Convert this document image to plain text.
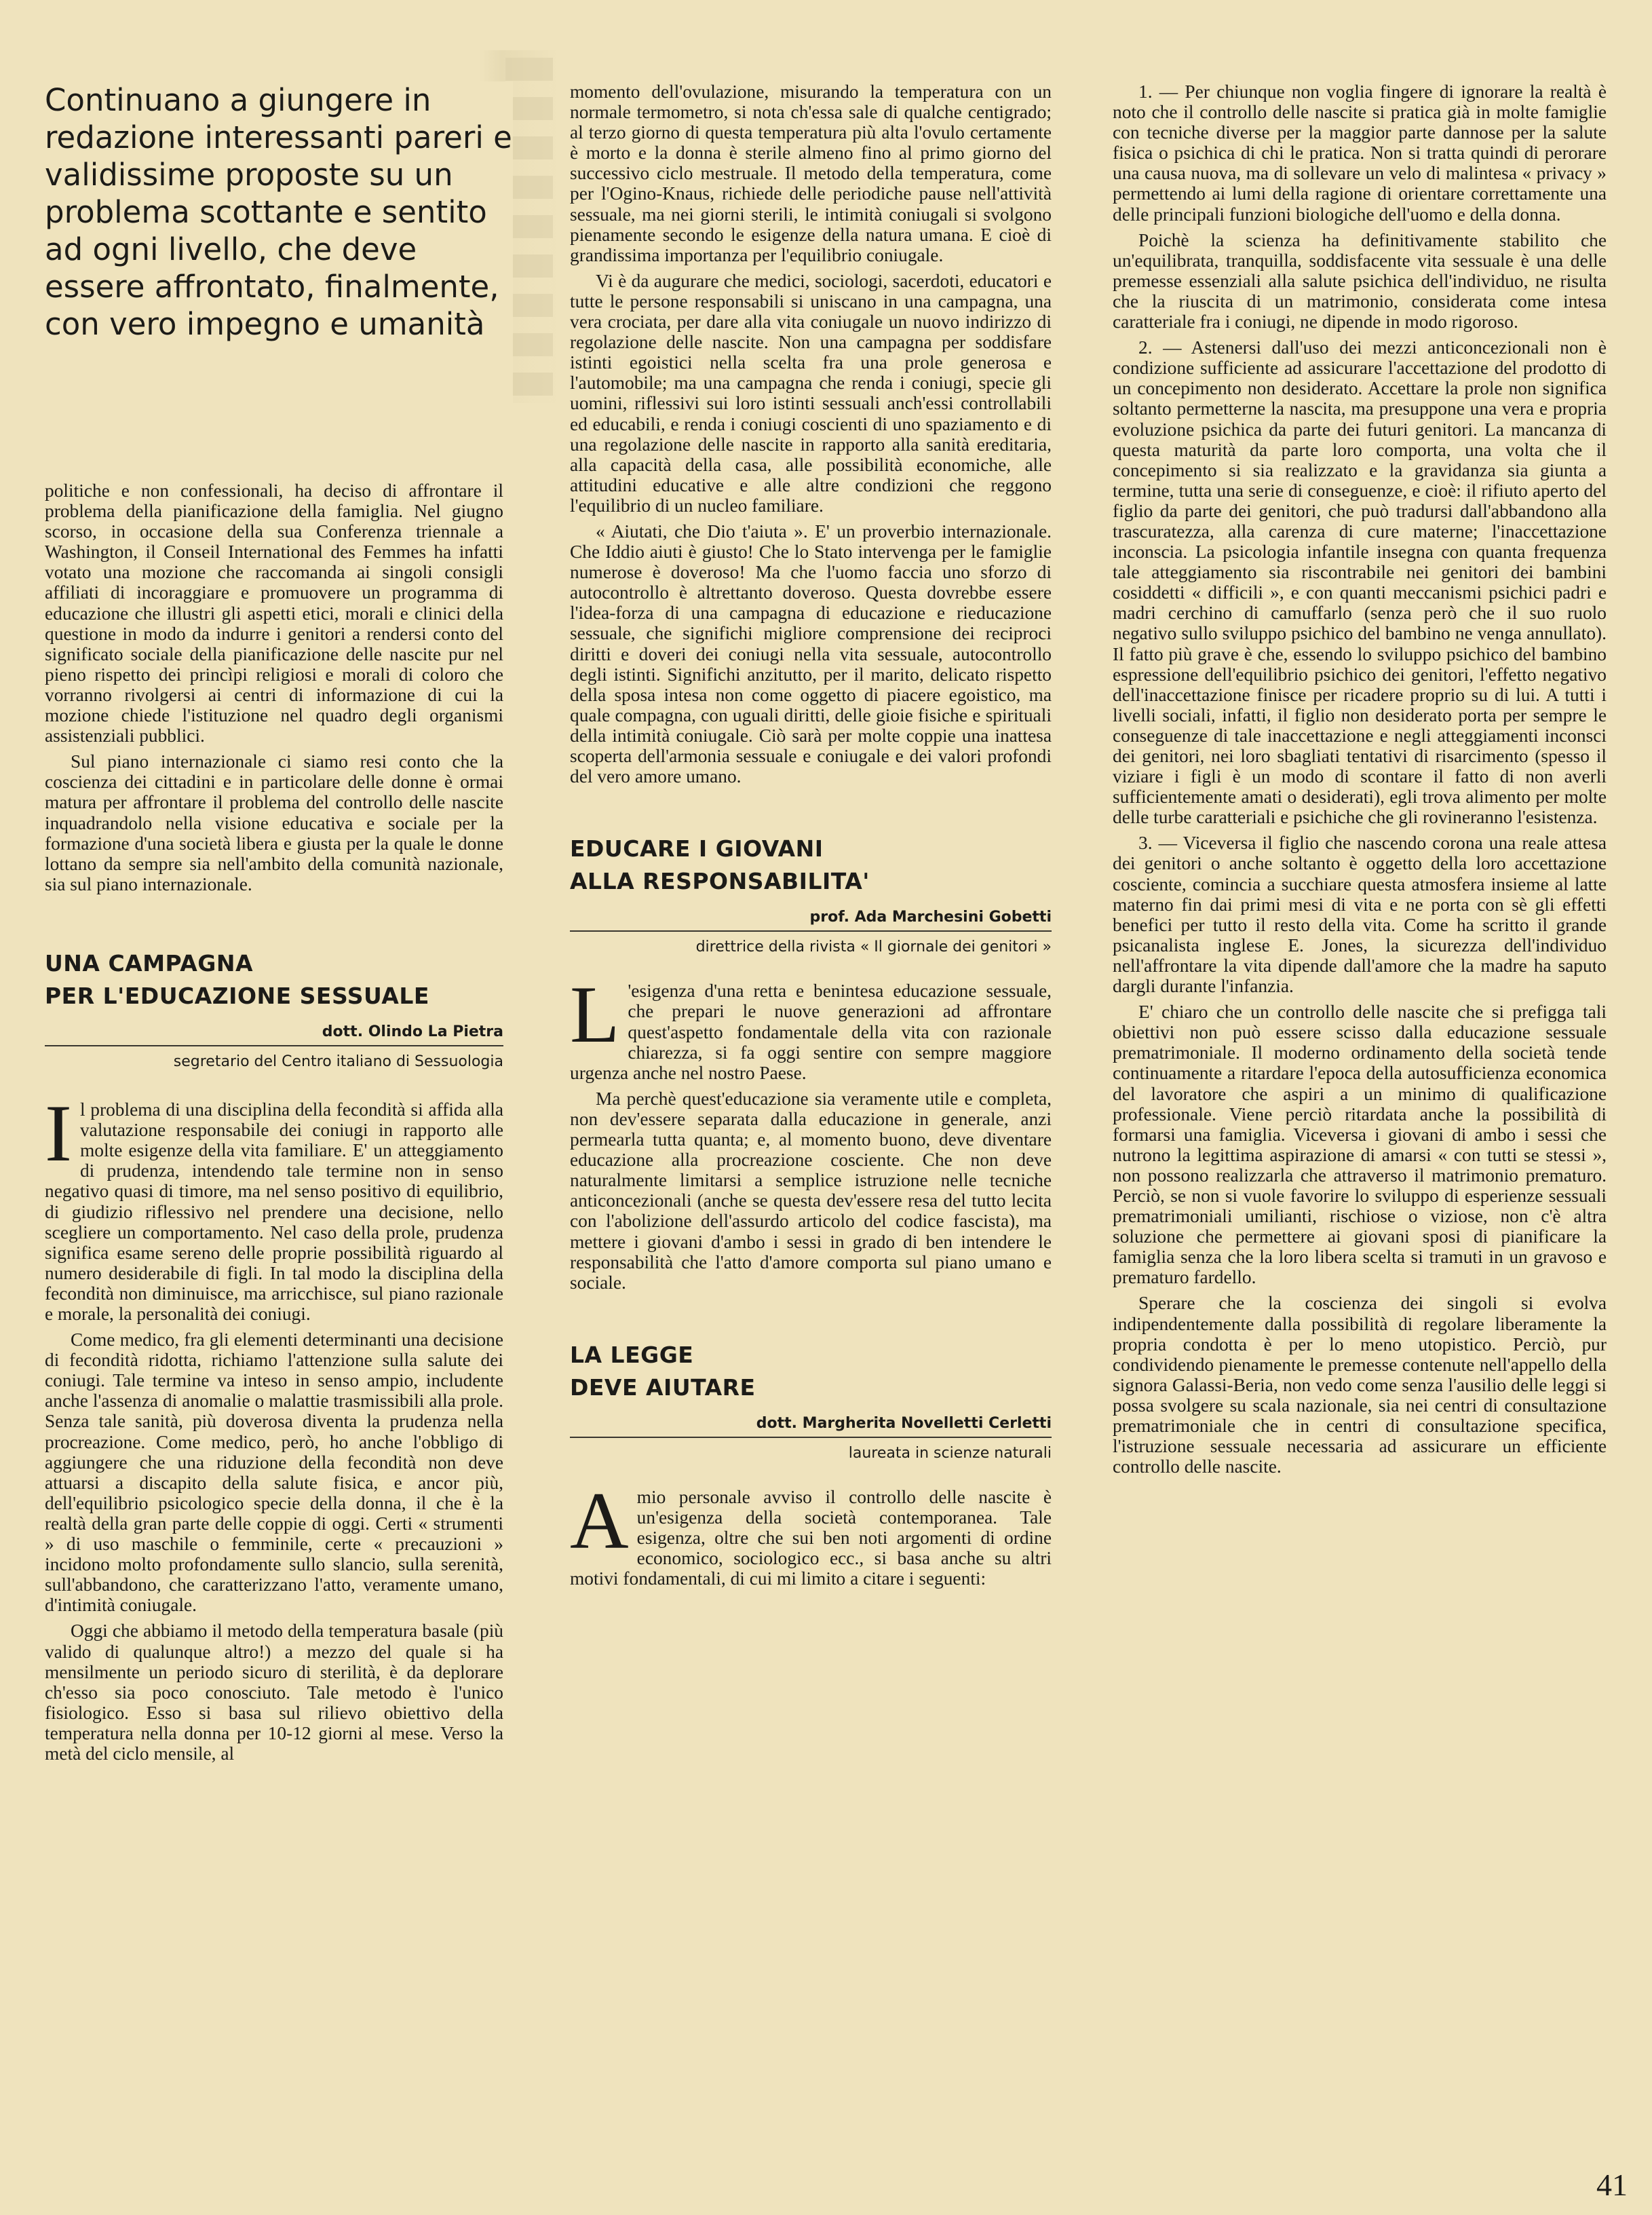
Continuano a giungere in redazione interessanti pareri e validissime proposte su un problema scottante e sentito ad ogni livello, che deve essere affrontato, finalmente, con vero impegno e umanità

politiche e non confessionali, ha deciso di affrontare il problema della pianificazione della famiglia. Nel giugno scorso, in occasione della sua Conferenza triennale a Washington, il Conseil International des Femmes ha infatti votato una mozione che raccomanda ai singoli consigli affiliati di incoraggiare e promuovere un programma di educazione che illustri gli aspetti etici, morali e clinici della questione in modo da indurre i genitori a rendersi conto del significato sociale della pianificazione delle nascite pur nel pieno rispetto dei princìpi religiosi e morali di coloro che vorranno rivolgersi ai centri di informazione di cui la mozione chiede l'istituzione nel quadro degli organismi assistenziali pubblici.

Sul piano internazionale ci siamo resi conto che la coscienza dei cittadini e in particolare delle donne è ormai matura per affrontare il problema del controllo delle nascite inquadrandolo nella visione educativa e sociale per la formazione d'una società libera e giusta per la quale le donne lottano da sempre sia nell'ambito della comunità nazionale, sia sul piano internazionale.

UNA CAMPAGNA
PER L'EDUCAZIONE SESSUALE
dott. Olindo La Pietra
segretario del Centro italiano di Sessuologia

Il problema di una disciplina della fecondità si affida alla valutazione responsabile dei coniugi in rapporto alle molte esigenze della vita familiare. E' un atteggiamento di prudenza, intendendo tale termine non in senso negativo quasi di timore, ma nel senso positivo di equilibrio, di giudizio riflessivo nel prendere una decisione, nello scegliere un comportamento. Nel caso della prole, prudenza significa esame sereno delle proprie possibilità riguardo al numero desiderabile di figli. In tal modo la disciplina della fecondità non diminuisce, ma arricchisce, sul piano razionale e morale, la personalità dei coniugi.

Come medico, fra gli elementi determinanti una decisione di fecondità ridotta, richiamo l'attenzione sulla salute dei coniugi. Tale termine va inteso in senso ampio, includente anche l'assenza di anomalie o malattie trasmissibili alla prole. Senza tale sanità, più doverosa diventa la prudenza nella procreazione. Come medico, però, ho anche l'obbligo di aggiungere che una riduzione della fecondità non deve attuarsi a discapito della salute fisica, e ancor più, dell'equilibrio psicologico specie della donna, il che è la realtà della gran parte delle coppie di oggi. Certi « strumenti » di uso maschile o femminile, certe « precauzioni » incidono molto profondamente sullo slancio, sulla serenità, sull'abbandono, che caratterizzano l'atto, veramente umano, d'intimità coniugale.

Oggi che abbiamo il metodo della temperatura basale (più valido di qualunque altro!) a mezzo del quale si ha mensilmente un periodo sicuro di sterilità, è da deplorare ch'esso sia poco conosciuto. Tale metodo è l'unico fisiologico. Esso si basa sul rilievo obiettivo della temperatura nella donna per 10-12 giorni al mese. Verso la metà del ciclo mensile, al

momento dell'ovulazione, misurando la temperatura con un normale termometro, si nota ch'essa sale di qualche centigrado; al terzo giorno di questa temperatura più alta l'ovulo certamente è morto e la donna è sterile almeno fino al primo giorno del successivo ciclo mestruale. Il metodo della temperatura, come per l'Ogino-Knaus, richiede delle periodiche pause nell'attività sessuale, ma nei giorni sterili, le intimità coniugali si svolgono pienamente secondo le esigenze della natura umana. E cioè di grandissima importanza per l'equilibrio coniugale.

Vi è da augurare che medici, sociologi, sacerdoti, educatori e tutte le persone responsabili si uniscano in una campagna, una vera crociata, per dare alla vita coniugale un nuovo indirizzo di regolazione delle nascite. Non una campagna per soddisfare istinti egoistici nella scelta fra una prole generosa e l'automobile; ma una campagna che renda i coniugi, specie gli uomini, riflessivi sui loro istinti sessuali anch'essi controllabili ed educabili, e renda i coniugi coscienti di uno spaziamento e di una regolazione delle nascite in rapporto alla sanità ereditaria, alla capacità della casa, alle possibilità economiche, alle attitudini educative e alle altre condizioni che reggono l'equilibrio di un nucleo familiare.

« Aiutati, che Dio t'aiuta ». E' un proverbio internazionale. Che Iddio aiuti è giusto! Che lo Stato intervenga per le famiglie numerose è doveroso! Ma che l'uomo faccia uno sforzo di autocontrollo è altrettanto doveroso. Questa dovrebbe essere l'idea-forza di una campagna di educazione e rieducazione sessuale, che significhi migliore comprensione dei reciproci diritti e doveri dei coniugi nella vita sessuale, autocontrollo degli istinti. Significhi anzitutto, per il marito, delicato rispetto della sposa intesa non come oggetto di piacere egoistico, ma quale compagna, con uguali diritti, delle gioie fisiche e spirituali della intimità coniugale. Ciò sarà per molte coppie una inattesa scoperta dell'armonia sessuale e coniugale e dei valori profondi del vero amore umano.

EDUCARE I GIOVANI
ALLA RESPONSABILITA'
prof. Ada Marchesini Gobetti
direttrice della rivista « Il giornale dei genitori »

L 'esigenza d'una retta e benintesa educazione sessuale, che prepari le nuove generazioni ad affrontare quest'aspetto fondamentale della vita con razionale chiarezza, si fa oggi sentire con sempre maggiore urgenza anche nel nostro Paese.

Ma perchè quest'educazione sia veramente utile e completa, non dev'essere separata dalla educazione in generale, anzi permearla tutta quanta; e, al momento buono, deve diventare educazione alla procreazione cosciente. Che non deve naturalmente limitarsi a semplice istruzione nelle tecniche anticoncezionali (anche se questa dev'essere resa del tutto lecita con l'abolizione dell'assurdo articolo del codice fascista), ma mettere i giovani d'ambo i sessi in grado di ben intendere le responsabilità che l'atto d'amore comporta sul piano umano e sociale.

LA LEGGE
DEVE AIUTARE
dott. Margherita Novelletti Cerletti
laureata in scienze naturali

Amio personale avviso il controllo delle nascite è un'esigenza della società contemporanea. Tale esigenza, oltre che sui ben noti argomenti di ordine economico, sociologico ecc., si basa anche su altri motivi fondamentali, di cui mi limito a citare i seguenti:

1. — Per chiunque non voglia fingere di ignorare la realtà è noto che il controllo delle nascite si pratica già in molte famiglie con tecniche diverse per la maggior parte dannose per la salute fisica o psichica di chi le pratica. Non si tratta quindi di perorare una causa nuova, ma di sollevare un velo di malintesa « privacy » permettendo ai lumi della ragione di orientare correttamente una delle principali funzioni biologiche dell'uomo e della donna.

Poichè la scienza ha definitivamente stabilito che un'equilibrata, tranquilla, soddisfacente vita sessuale è una delle premesse essenziali alla salute psichica dell'individuo, ne risulta che la riuscita di un matrimonio, considerata come intesa caratteriale fra i coniugi, ne dipende in modo rigoroso.

2. — Astenersi dall'uso dei mezzi anticoncezionali non è condizione sufficiente ad assicurare l'accettazione del prodotto di un concepimento non desiderato. Accettare la prole non significa soltanto permetterne la nascita, ma presuppone una vera e propria evoluzione psichica da parte dei futuri genitori. La mancanza di questa maturità da parte loro comporta, una volta che il concepimento si sia realizzato e la gravidanza sia giunta a termine, tutta una serie di conseguenze, e cioè: il rifiuto aperto del figlio da parte dei genitori, che può tradursi dall'abbandono alla trascuratezza, alla carenza di cure materne; l'inaccettazione inconscia. La psicologia infantile insegna con quanta frequenza tale atteggiamento sia riscontrabile nei genitori dei bambini cosiddetti « difficili », e con quanti meccanismi psichici padri e madri cerchino di camuffarlo (senza però che il suo ruolo negativo sullo sviluppo psichico del bambino ne venga annullato). Il fatto più grave è che, essendo lo sviluppo psichico del bambino espressione dell'equilibrio psichico dei genitori, l'effetto negativo dell'inaccettazione finisce per ricadere proprio su di lui. A tutti i livelli sociali, infatti, il figlio non desiderato porta per sempre le conseguenze di tale inaccettazione e negli atteggiamenti inconsci dei genitori, nei loro sbagliati tentativi di risarcimento (spesso il viziare i figli è un modo di scontare il fatto di non averli sufficientemente amati o desiderati), egli trova alimento per molte delle turbe caratteriali e psichiche che gli rovineranno l'esistenza.

3. — Viceversa il figlio che nascendo corona una reale attesa dei genitori o anche soltanto è oggetto della loro accettazione cosciente, comincia a succhiare questa atmosfera insieme al latte materno fin dai primi mesi di vita e ne porta con sè gli effetti benefici per tutto il resto della vita. Come ha scritto il grande psicanalista inglese E. Jones, la sicurezza dell'individuo nell'affrontare la vita dipende dall'amore che la madre ha saputo dargli durante l'infanzia.

E' chiaro che un controllo delle nascite che si prefigga tali obiettivi non può essere scisso dalla educazione sessuale prematrimoniale. Il moderno ordinamento della società tende continuamente a ritardare l'epoca della autosufficienza economica del lavoratore che aspiri a un minimo di qualificazione professionale. Viene perciò ritardata anche la possibilità di formarsi una famiglia. Viceversa i giovani di ambo i sessi che nutrono la legittima aspirazione di amarsi « con tutti se stessi », non possono realizzarla che attraverso il matrimonio prematuro. Perciò, se non si vuole favorire lo sviluppo di esperienze sessuali prematrimoniali umilianti, rischiose o viziose, non c'è altra soluzione che permettere ai giovani sposi di pianificare la famiglia senza che la loro libera scelta si tramuti in un gravoso e prematuro fardello.

Sperare che la coscienza dei singoli si evolva indipendentemente dalla possibilità di regolare liberamente la propria condotta è per lo meno utopistico. Perciò, pur condividendo pienamente le premesse contenute nell'appello della signora Galassi-Beria, non vedo come senza l'ausilio delle leggi si possa svolgere su scala nazionale, sia nei centri di consultazione prematrimoniale che in centri di consultazione specifica, l'istruzione sessuale necessaria ad assicurare un efficiente controllo delle nascite.

41
